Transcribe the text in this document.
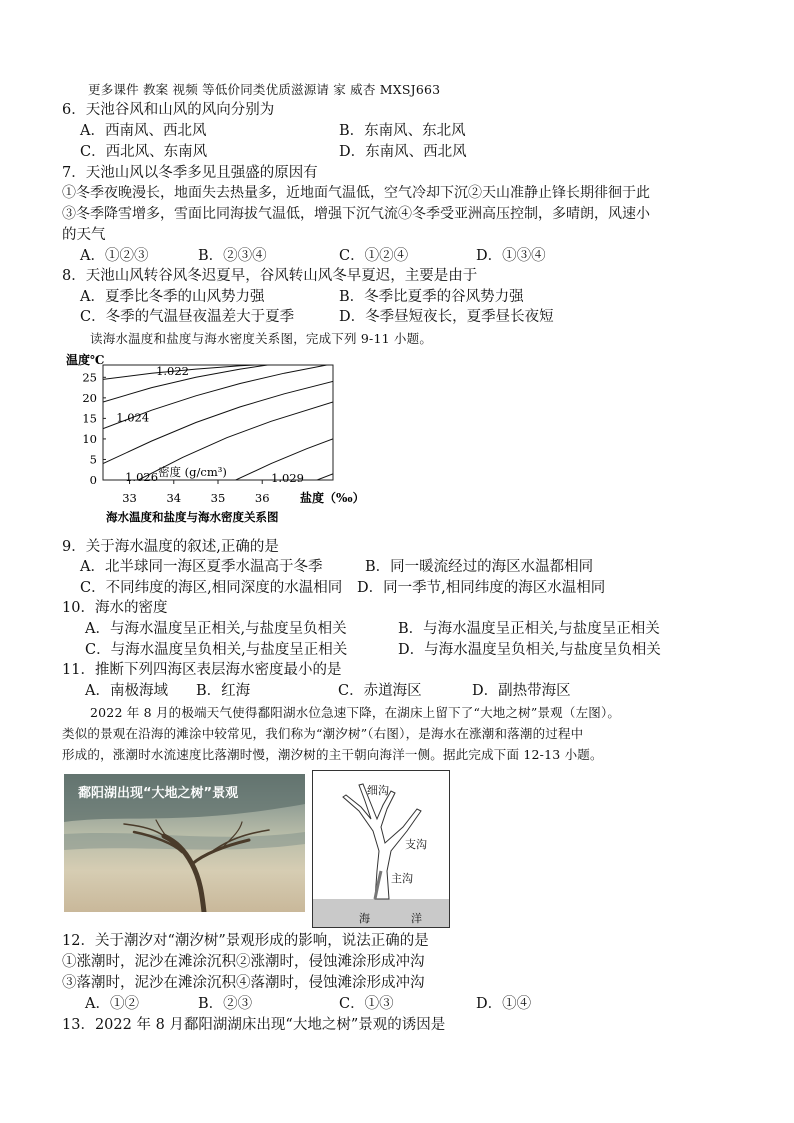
更多课件 教案 视频 等低价同类优质滋源请 家 威杏 MXSJ663
6．天池谷风和山风的风向分别为
A．西南风、西北风	B．东南风、东北风
C．西北风、东南风	D．东南风、西北风
7．天池山风以冬季多见且强盛的原因有
①冬季夜晚漫长，地面失去热量多，近地面气温低，空气冷却下沉②天山准静止锋长期徘徊于此
③冬季降雪增多，雪面比同海拔气温低，增强下沉气流④冬季受亚洲高压控制，多晴朗，风速小
的天气
A．①②③	B．②③④	C．①②④	D．①③④
8．天池山风转谷风冬迟夏早，谷风转山风冬早夏迟，主要是由于
A．夏季比冬季的山风势力强	B．冬季比夏季的谷风势力强
C．冬季的气温昼夜温差大于夏季	D．冬季昼短夜长，夏季昼长夜短
读海水温度和盐度与海水密度关系图，完成下列 9-11 小题。
25
20
15
10
5
0
33	34	35	36
温度℃
盐度（‰）
密度 (g/cm³)
海水温度和盐度与海水密度关系图
1.022
1.024
1.026	1.029
9．关于海水温度的叙述,正确的是
A．北半球同一海区夏季水温高于冬季	B．同一暖流经过的海区水温都相同
C．不同纬度的海区,相同深度的水温相同 D．同一季节,相同纬度的海区水温相同
10．海水的密度
A．与海水温度呈正相关,与盐度呈负相关	B．与海水温度呈正相关,与盐度呈正相关
C．与海水温度呈负相关,与盐度呈正相关	D．与海水温度呈负相关,与盐度呈负相关
11．推断下列四海区表层海水密度最小的是
A．南极海域 B．红海	C．赤道海区	D．副热带海区
2022 年 8 月的极端天气使得鄱阳湖水位急速下降，在湖床上留下了“大地之树”景观（左图）。
类似的景观在沿海的滩涂中较常见，我们称为“潮汐树”（右图），是海水在涨潮和落潮的过程中
形成的，涨潮时水流速度比落潮时慢，潮汐树的主干朝向海洋一侧。据此完成下面 12-13 小题。
鄱阳湖出现“大地之树”景观	细沟
支沟
主沟
海	洋
12．关于潮汐对“潮汐树”景观形成的影响，说法正确的是
①涨潮时，泥沙在滩涂沉积②涨潮时，侵蚀滩涂形成冲沟
③落潮时，泥沙在滩涂沉积④落潮时，侵蚀滩涂形成冲沟
A．①②	B．②③	C．①③	D．①④
13．2022 年 8 月鄱阳湖湖床出现“大地之树”景观的诱因是
